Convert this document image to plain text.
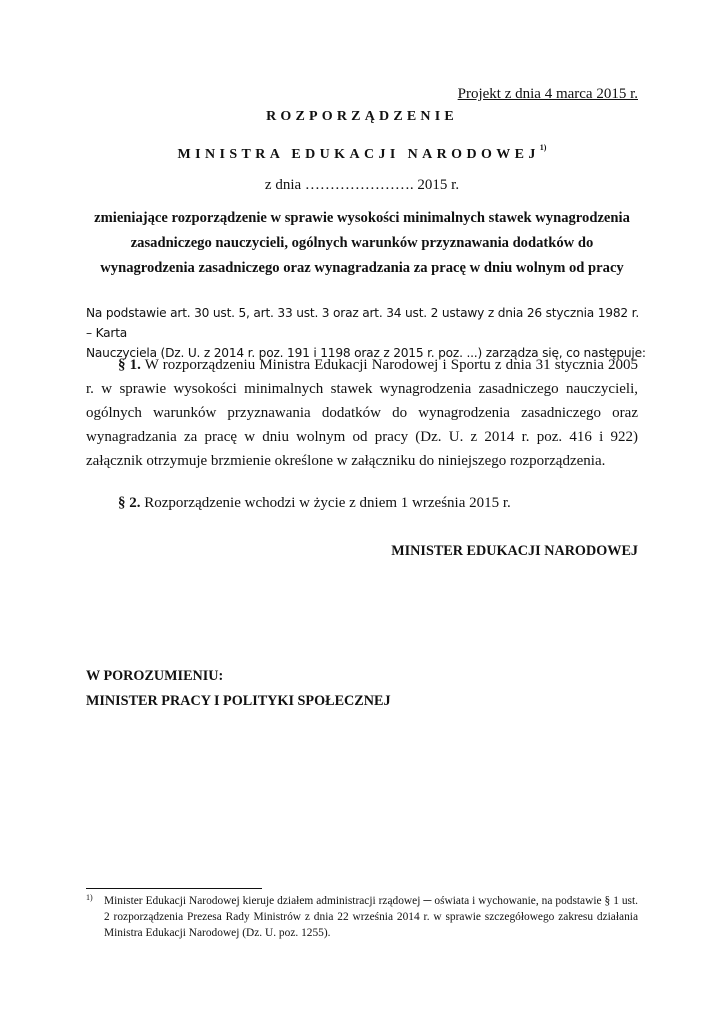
Projekt z dnia 4 marca 2015 r.
ROZPORZĄDZENIE
MINISTRA EDUKACJI NARODOWEJ$^{1)}$
z dnia …………………. 2015 r.
zmieniające rozporządzenie w sprawie wysokości minimalnych stawek wynagrodzenia
zasadniczego nauczycieli, ogólnych warunków przyznawania dodatków do
wynagrodzenia zasadniczego oraz wynagradzania za pracę w dniu wolnym od pracy
Na podstawie art. 30 ust. 5, art. 33 ust. 3 oraz art. 34 ust. 2 ustawy z dnia 26 stycznia 1982 r. – Karta
Nauczyciela (Dz. U. z 2014 r. poz. 191 i 1198 oraz z 2015 r. poz. ...) zarządza się, co następuje:
§ 1. W rozporządzeniu Ministra Edukacji Narodowej i Sportu z dnia 31 stycznia 2005 r. w sprawie wysokości minimalnych stawek wynagrodzenia zasadniczego nauczycieli, ogólnych warunków przyznawania dodatków do wynagrodzenia zasadniczego oraz wynagradzania za pracę w dniu wolnym od pracy (Dz. U. z 2014 r. poz. 416 i 922) załącznik otrzymuje brzmienie określone w załączniku do niniejszego rozporządzenia.
§ 2. Rozporządzenie wchodzi w życie z dniem 1 września 2015 r.
MINISTER EDUKACJI NARODOWEJ
W POROZUMIENIU:
MINISTER PRACY I POLITYKI SPOŁECZNEJ
1) Minister Edukacji Narodowej kieruje działem administracji rządowej ─ oświata i wychowanie, na podstawie § 1 ust. 2 rozporządzenia Prezesa Rady Ministrów z dnia 22 września 2014 r. w sprawie szczegółowego zakresu działania Ministra Edukacji Narodowej (Dz. U. poz. 1255).
